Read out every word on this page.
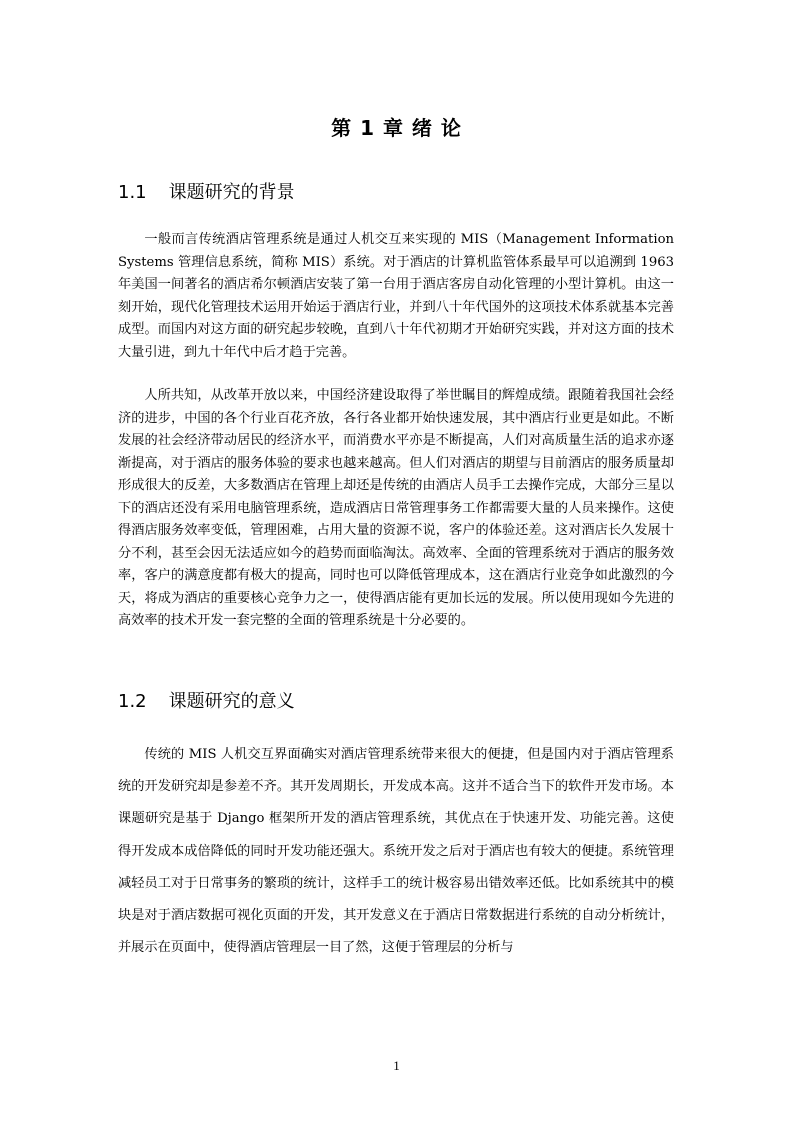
第 1 章 绪 论
1.1 课题研究的背景

一般而言传统酒店管理系统是通过人机交互来实现的 MIS（Management Information Systems 管理信息系统，简称 MIS）系统。对于酒店的计算机监管体系最早可以追溯到 1963 年美国一间著名的酒店希尔顿酒店安装了第一台用于酒店客房自动化管理的小型计算机。由这一刻开始，现代化管理技术运用开始运于酒店行业，并到八十年代国外的这项技术体系就基本完善成型。而国内对这方面的研究起步较晚，直到八十年代初期才开始研究实践，并对这方面的技术大量引进，到九十年代中后才趋于完善。

人所共知，从改革开放以来，中国经济建设取得了举世瞩目的辉煌成绩。跟随着我国社会经济的进步，中国的各个行业百花齐放，各行各业都开始快速发展，其中酒店行业更是如此。不断发展的社会经济带动居民的经济水平，而消费水平亦是不断提高，人们对高质量生活的追求亦逐渐提高，对于酒店的服务体验的要求也越来越高。但人们对酒店的期望与目前酒店的服务质量却形成很大的反差，大多数酒店在管理上却还是传统的由酒店人员手工去操作完成，大部分三星以下的酒店还没有采用电脑管理系统，造成酒店日常管理事务工作都需要大量的人员来操作。这使得酒店服务效率变低，管理困难，占用大量的资源不说，客户的体验还差。这对酒店长久发展十分不利，甚至会因无法适应如今的趋势而面临淘汰。高效率、全面的管理系统对于酒店的服务效率，客户的满意度都有极大的提高，同时也可以降低管理成本，这在酒店行业竞争如此激烈的今天，将成为酒店的重要核心竞争力之一，使得酒店能有更加长远的发展。所以使用现如今先进的高效率的技术开发一套完整的全面的管理系统是十分必要的。

1.2 课题研究的意义

传统的 MIS 人机交互界面确实对酒店管理系统带来很大的便捷，但是国内对于酒店管理系统的开发研究却是参差不齐。其开发周期长，开发成本高。这并不适合当下的软件开发市场。本课题研究是基于 Django 框架所开发的酒店管理系统，其优点在于快速开发、功能完善。这使得开发成本成倍降低的同时开发功能还强大。系统开发之后对于酒店也有较大的便捷。系统管理减轻员工对于日常事务的繁琐的统计，这样手工的统计极容易出错效率还低。比如系统其中的模块是对于酒店数据可视化页面的开发，其开发意义在于酒店日常数据进行系统的自动分析统计，并展示在页面中，使得酒店管理层一目了然，这便于管理层的分析与

1
